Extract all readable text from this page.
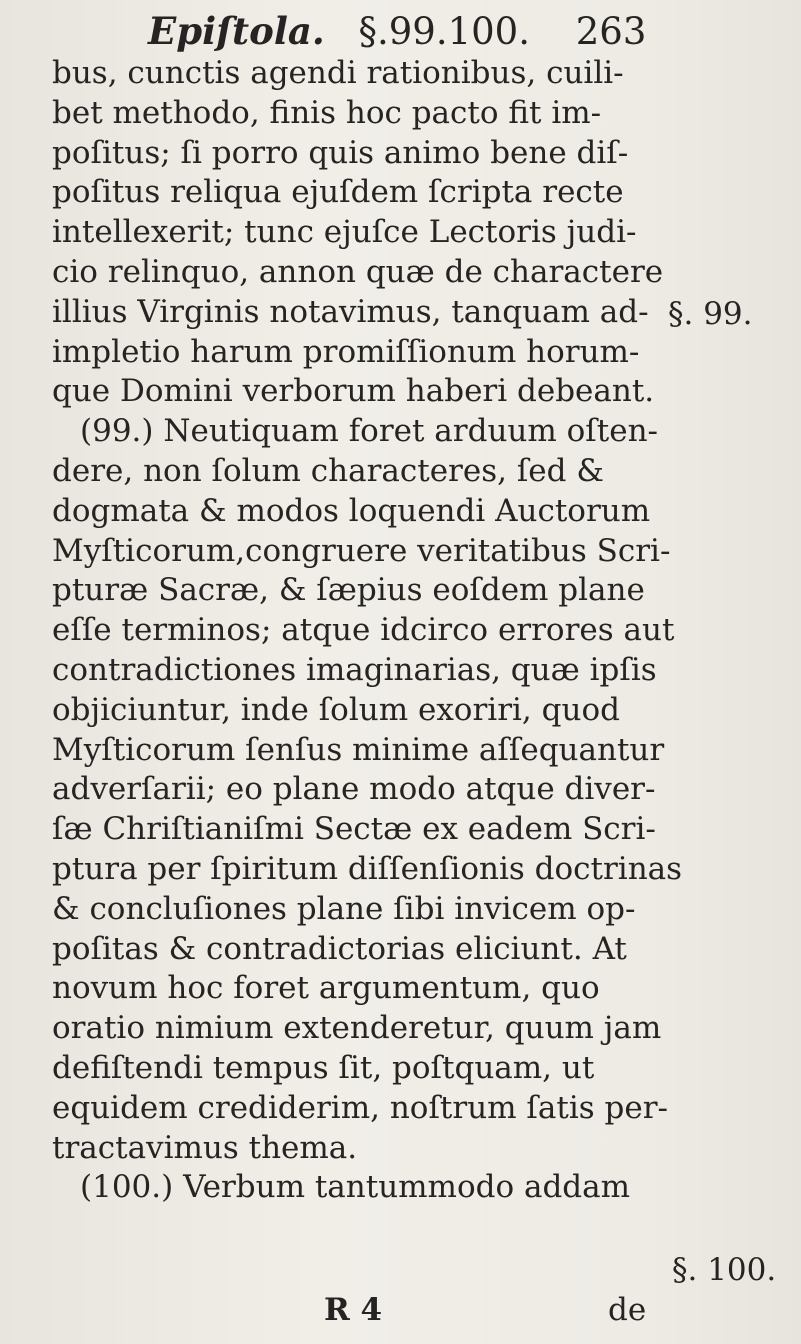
Epiſtola. §.99.100. 263
bus, cunctis agendi rationibus, cuili-
bet methodo, finis hoc pacto fit im-
poſitus; ſi porro quis animo bene diſ-
poſitus reliqua ejuſdem ſcripta recte
intellexerit; tunc ejuſce Lectoris judi-
cio relinquo, annon quæ de charactere
illius Virginis notavimus, tanquam ad-
impletio harum promiſſionum horum-
que Domini verborum haberi debeant.
(99.) Neutiquam foret arduum oſten-
dere, non ſolum characteres, ſed &
dogmata & modos loquendi Auctorum
Myſticorum,congruere veritatibus Scri-
pturæ Sacræ, & ſæpius eoſdem plane
eſſe terminos; atque idcirco errores aut
contradictiones imaginarias, quæ ipſis
objiciuntur, inde ſolum exoriri, quod
Myſticorum ſenſus minime aſſequantur
adverſarii; eo plane modo atque diver-
ſæ Chriſtianiſmi Sectæ ex eadem Scri-
ptura per ſpiritum diſſenſionis doctrinas
& concluſiones plane ſibi invicem op-
poſitas & contradictorias eliciunt. At
novum hoc foret argumentum, quo
oratio nimium extenderetur, quum jam
defiſtendi tempus ſit, poſtquam, ut
equidem crediderim, noſtrum ſatis per-
tractavimus thema.
(100.) Verbum tantummodo addam
§. 99.
§. 100.
R 4	de
